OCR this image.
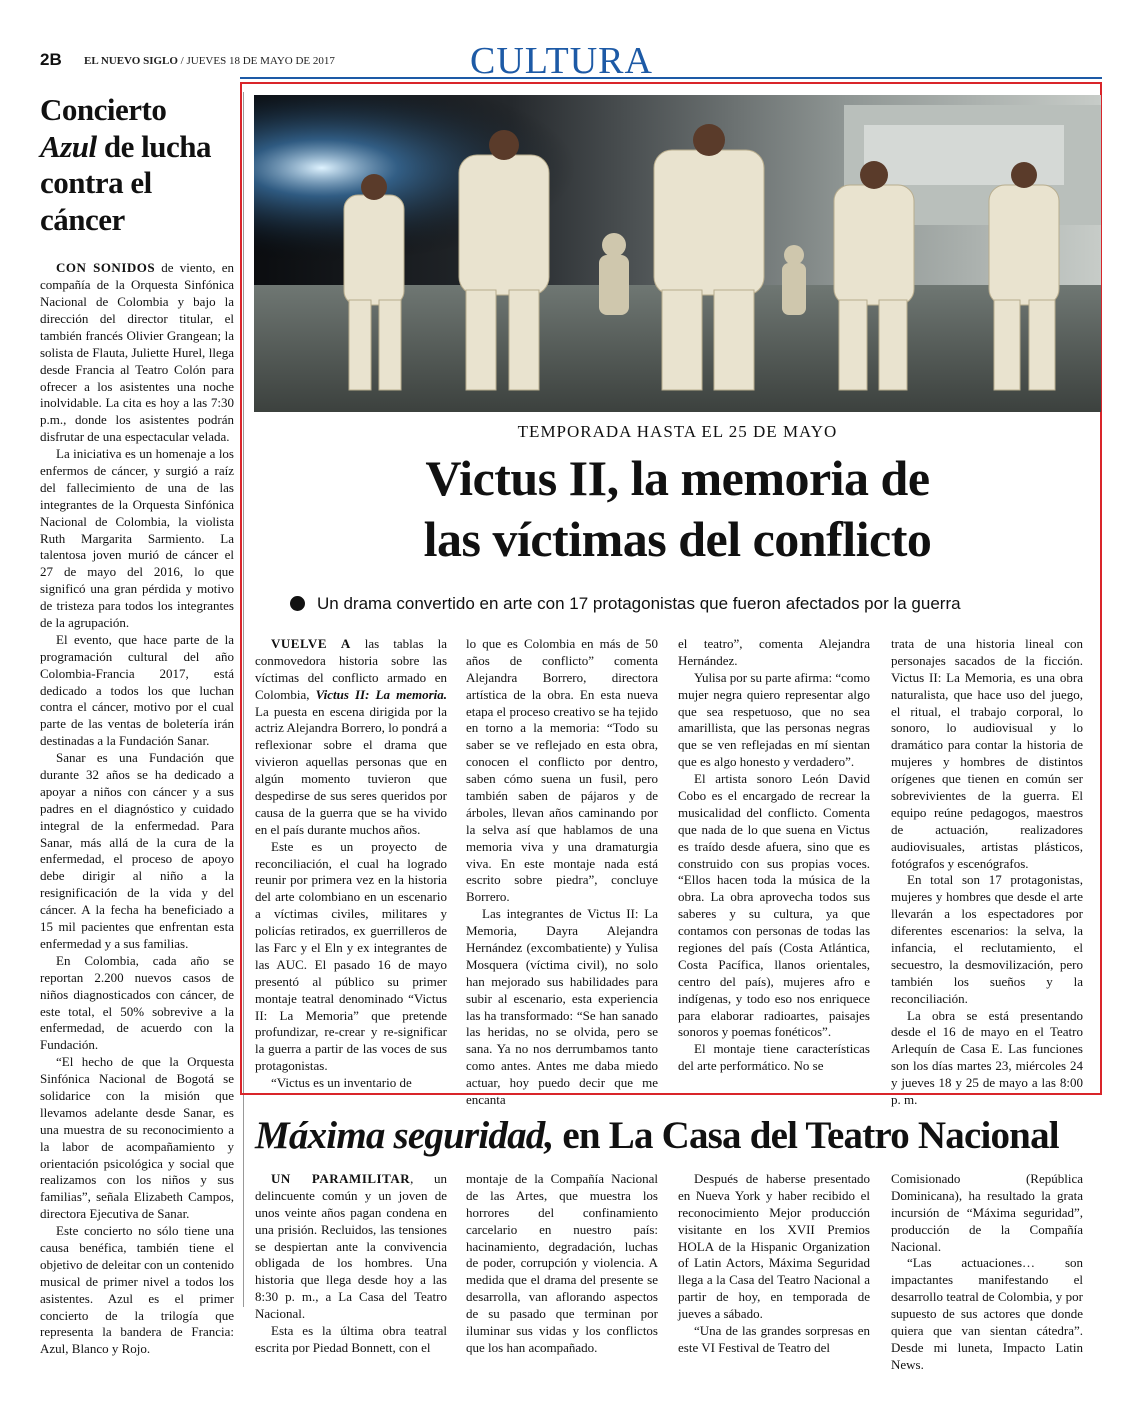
2B EL NUEVO SIGLO / JUEVES 18 DE MAYO DE 2017	CULTURA
Concierto
Azul de lucha contra el cáncer

CON SONIDOS de viento, en compañía de la Orquesta Sinfónica Nacional de Colombia y bajo la dirección del director titular, el también francés Olivier Grangean; la solista de Flauta, Juliette Hurel, llega desde Francia al Teatro Colón para ofrecer a los asistentes una noche inolvidable. La cita es hoy a las 7:30 p.m., donde los asistentes podrán disfrutar de una espectacular velada.

La iniciativa es un homenaje a los enfermos de cáncer, y surgió a raíz del fallecimiento de una de las integrantes de la Orquesta Sinfónica Nacional de Colombia, la violista Ruth Margarita Sarmiento. La talentosa joven murió de cáncer el 27 de mayo del 2016, lo que significó una gran pérdida y motivo de tristeza para todos los integrantes de la agrupación.

El evento, que hace parte de la programación cultural del año Colombia-Francia 2017, está dedicado a todos los que luchan contra el cáncer, motivo por el cual parte de las ventas de boletería irán destinadas a la Fundación Sanar.

Sanar es una Fundación que durante 32 años se ha dedicado a apoyar a niños con cáncer y a sus padres en el diagnóstico y cuidado integral de la enfermedad. Para Sanar, más allá de la cura de la enfermedad, el proceso de apoyo debe dirigir al niño a la resignificación de la vida y del cáncer. A la fecha ha beneficiado a 15 mil pacientes que enfrentan esta enfermedad y a sus familias.

En Colombia, cada año se reportan 2.200 nuevos casos de niños diagnosticados con cáncer, de este total, el 50% sobrevive a la enfermedad, de acuerdo con la Fundación.

“El hecho de que la Orquesta Sinfónica Nacional de Bogotá se solidarice con la misión que llevamos adelante desde Sanar, es una muestra de su reconocimiento a la labor de acompañamiento y orientación psicológica y social que realizamos con los niños y sus familias”, señala Elizabeth Campos, directora Ejecutiva de Sanar.

Este concierto no sólo tiene una causa benéfica, también tiene el objetivo de deleitar con un contenido musical de primer nivel a todos los asistentes. Azul es el primer concierto de la trilogía que representa la bandera de Francia: Azul, Blanco y Rojo.

TEMPORADA HASTA EL 25 DE MAYO
Victus II, la memoria de
las víctimas del conflicto
Un drama convertido en arte con 17 protagonistas que fueron afectados por la guerra

VUELVE A las tablas la conmovedora historia sobre las víctimas del conflicto armado en Colombia, Victus II: La memoria. La puesta en escena dirigida por la actriz Alejandra Borrero, lo pondrá a reflexionar sobre el drama que vivieron aquellas personas que en algún momento tuvieron que despedirse de sus seres queridos por causa de la guerra que se ha vivido en el país durante muchos años.

Este es un proyecto de reconciliación, el cual ha logrado reunir por primera vez en la historia del arte colombiano en un escenario a víctimas civiles, militares y policías retirados, ex guerrilleros de las Farc y el Eln y ex integrantes de las AUC. El pasado 16 de mayo presentó al público su primer montaje teatral denominado “Victus II: La Memoria” que pretende profundizar, re-crear y re-significar la guerra a partir de las voces de sus protagonistas.

“Victus es un inventario de

lo que es Colombia en más de 50 años de conflicto” comenta Alejandra Borrero, directora artística de la obra. En esta nueva etapa el proceso creativo se ha tejido en torno a la memoria: “Todo su saber se ve reflejado en esta obra, conocen el conflicto por dentro, saben cómo suena un fusil, pero también saben de pájaros y de árboles, llevan años caminando por la selva así que hablamos de una memoria viva y una dramaturgia viva. En este montaje nada está escrito sobre piedra”, concluye Borrero.

Las integrantes de Victus II: La Memoria, Dayra Alejandra Hernández (excombatiente) y Yulisa Mosquera (víctima civil), no solo han mejorado sus habilidades para subir al escenario, esta experiencia las ha transformado: “Se han sanado las heridas, no se olvida, pero se sana. Ya no nos derrumbamos tanto como antes. Antes me daba miedo actuar, hoy puedo decir que me encanta

el teatro”, comenta Alejandra Hernández.

Yulisa por su parte afirma: “como mujer negra quiero representar algo que sea respetuoso, que no sea amarillista, que las personas negras que se ven reflejadas en mí sientan que es algo honesto y verdadero”.

El artista sonoro León David Cobo es el encargado de recrear la musicalidad del conflicto. Comenta que nada de lo que suena en Victus es traído desde afuera, sino que es construido con sus propias voces. “Ellos hacen toda la música de la obra. La obra aprovecha todos sus saberes y su cultura, ya que contamos con personas de todas las regiones del país (Costa Atlántica, Costa Pacífica, llanos orientales, centro del país), mujeres afro e indígenas, y todo eso nos enriquece para elaborar radioartes, paisajes sonoros y poemas fonéticos”.

El montaje tiene características del arte performático. No se

trata de una historia lineal con personajes sacados de la ficción. Victus II: La Memoria, es una obra naturalista, que hace uso del juego, el ritual, el trabajo corporal, lo sonoro, lo audiovisual y lo dramático para contar la historia de mujeres y hombres de distintos orígenes que tienen en común ser sobrevivientes de la guerra. El equipo reúne pedagogos, maestros de actuación, realizadores audiovisuales, artistas plásticos, fotógrafos y escenógrafos.

En total son 17 protagonistas, mujeres y hombres que desde el arte llevarán a los espectadores por diferentes escenarios: la selva, la infancia, el reclutamiento, el secuestro, la desmovilización, pero también los sueños y la reconciliación.

La obra se está presentando desde el 16 de mayo en el Teatro Arlequín de Casa E. Las funciones son los días martes 23, miércoles 24 y jueves 18 y 25 de mayo a las 8:00 p. m.

Máxima seguridad, en La Casa del Teatro Nacional

UN PARAMILITAR, un delincuente común y un joven de unos veinte años pagan condena en una prisión. Recluidos, las tensiones se despiertan ante la convivencia obligada de los hombres. Una historia que llega desde hoy a las 8:30 p. m., a La Casa del Teatro Nacional.

Esta es la última obra teatral escrita por Piedad Bonnett, con el

montaje de la Compañía Nacional de las Artes, que muestra los horrores del confinamiento carcelario en nuestro país: hacinamiento, degradación, luchas de poder, corrupción y violencia. A medida que el drama del presente se desarrolla, van aflorando aspectos de su pasado que terminan por iluminar sus vidas y los conflictos que los han acompañado.

Después de haberse presentado en Nueva York y haber recibido el reconocimiento Mejor producción visitante en los XVII Premios HOLA de la Hispanic Organization of Latin Actors, Máxima Seguridad llega a la Casa del Teatro Nacional a partir de hoy, en temporada de jueves a sábado.

“Una de las grandes sorpresas en este VI Festival de Teatro del

Comisionado (República Dominicana), ha resultado la grata incursión de “Máxima seguridad”, producción de la Compañía Nacional.

“Las actuaciones… son impactantes manifestando el desarrollo teatral de Colombia, y por supuesto de sus actores que donde quiera que van sientan cátedra”. Desde mi luneta, Impacto Latin News.
